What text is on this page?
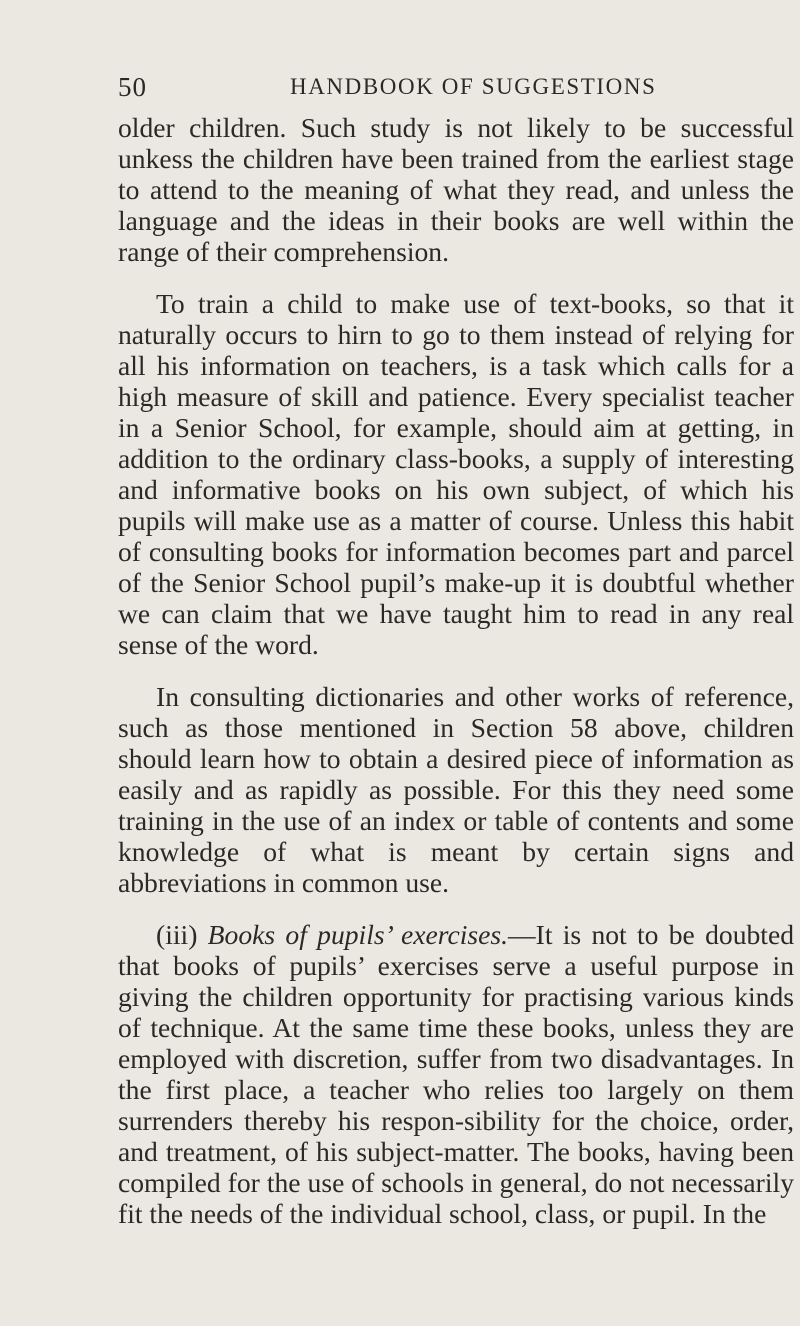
50	HANDBOOK OF SUGGESTIONS

older children. Such study is not likely to be successful unkess the children have been trained from the earliest stage to attend to the meaning of what they read, and unless the language and the ideas in their books are well within the range of their comprehension.

To train a child to make use of text-books, so that it naturally occurs to hirn to go to them instead of relying for all his information on teachers, is a task which calls for a high measure of skill and patience. Every specialist teacher in a Senior School, for example, should aim at getting, in addition to the ordinary class-books, a supply of interesting and informative books on his own subject, of which his pupils will make use as a matter of course. Unless this habit of consulting books for information becomes part and parcel of the Senior School pupil’s make-up it is doubtful whether we can claim that we have taught him to read in any real sense of the word.

In consulting dictionaries and other works of reference, such as those mentioned in Section 58 above, children should learn how to obtain a desired piece of information as easily and as rapidly as possible. For this they need some training in the use of an index or table of contents and some knowledge of what is meant by certain signs and abbreviations in common use.

(iii) Books of pupils’ exercises.—It is not to be doubted that books of pupils’ exercises serve a useful purpose in giving the children opportunity for practising various kinds of technique. At the same time these books, unless they are employed with discretion, suffer from two disadvantages. In the first place, a teacher who relies too largely on them surrenders thereby his respon-sibility for the choice, order, and treatment, of his subject-matter. The books, having been compiled for the use of schools in general, do not necessarily fit the needs of the individual school, class, or pupil. In the
